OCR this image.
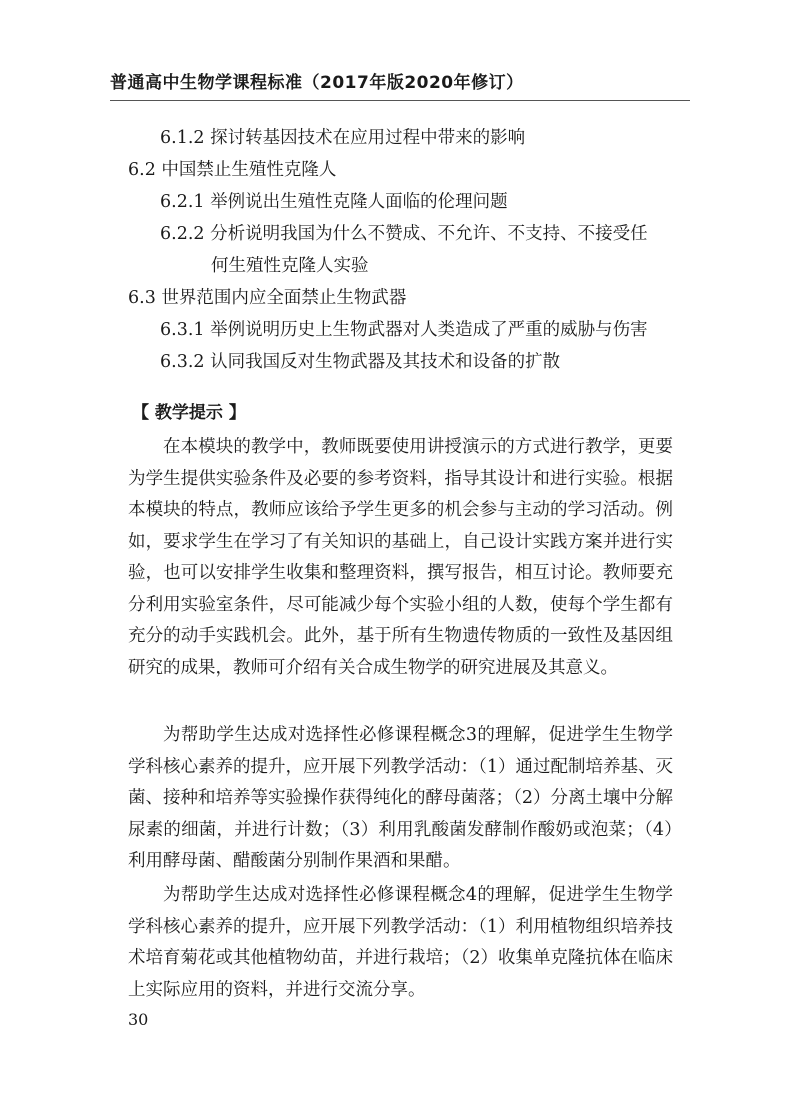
普通高中生物学课程标准（2017年版2020年修订）
6.1.2 探讨转基因技术在应用过程中带来的影响
6.2 中国禁止生殖性克隆人
6.2.1 举例说出生殖性克隆人面临的伦理问题
6.2.2 分析说明我国为什么不赞成、不允许、不支持、不接受任
何生殖性克隆人实验
6.3 世界范围内应全面禁止生物武器
6.3.1 举例说明历史上生物武器对人类造成了严重的威胁与伤害
6.3.2 认同我国反对生物武器及其技术和设备的扩散
【 教学提示 】

在本模块的教学中，教师既要使用讲授演示的方式进行教学，更要为学生提供实验条件及必要的参考资料，指导其设计和进行实验。根据本模块的特点，教师应该给予学生更多的机会参与主动的学习活动。例如，要求学生在学习了有关知识的基础上，自己设计实践方案并进行实验，也可以安排学生收集和整理资料，撰写报告，相互讨论。教师要充分利用实验室条件，尽可能减少每个实验小组的人数，使每个学生都有充分的动手实践机会。此外，基于所有生物遗传物质的一致性及基因组研究的成果，教师可介绍有关合成生物学的研究进展及其意义。

为帮助学生达成对选择性必修课程概念3的理解，促进学生生物学学科核心素养的提升，应开展下列教学活动：（1）通过配制培养基、灭菌、接种和培养等实验操作获得纯化的酵母菌落；（2）分离土壤中分解尿素的细菌，并进行计数；（3）利用乳酸菌发酵制作酸奶或泡菜；（4）利用酵母菌、醋酸菌分别制作果酒和果醋。

为帮助学生达成对选择性必修课程概念4的理解，促进学生生物学学科核心素养的提升，应开展下列教学活动：（1）利用植物组织培养技术培育菊花或其他植物幼苗，并进行栽培；（2）收集单克隆抗体在临床上实际应用的资料，并进行交流分享。

30
